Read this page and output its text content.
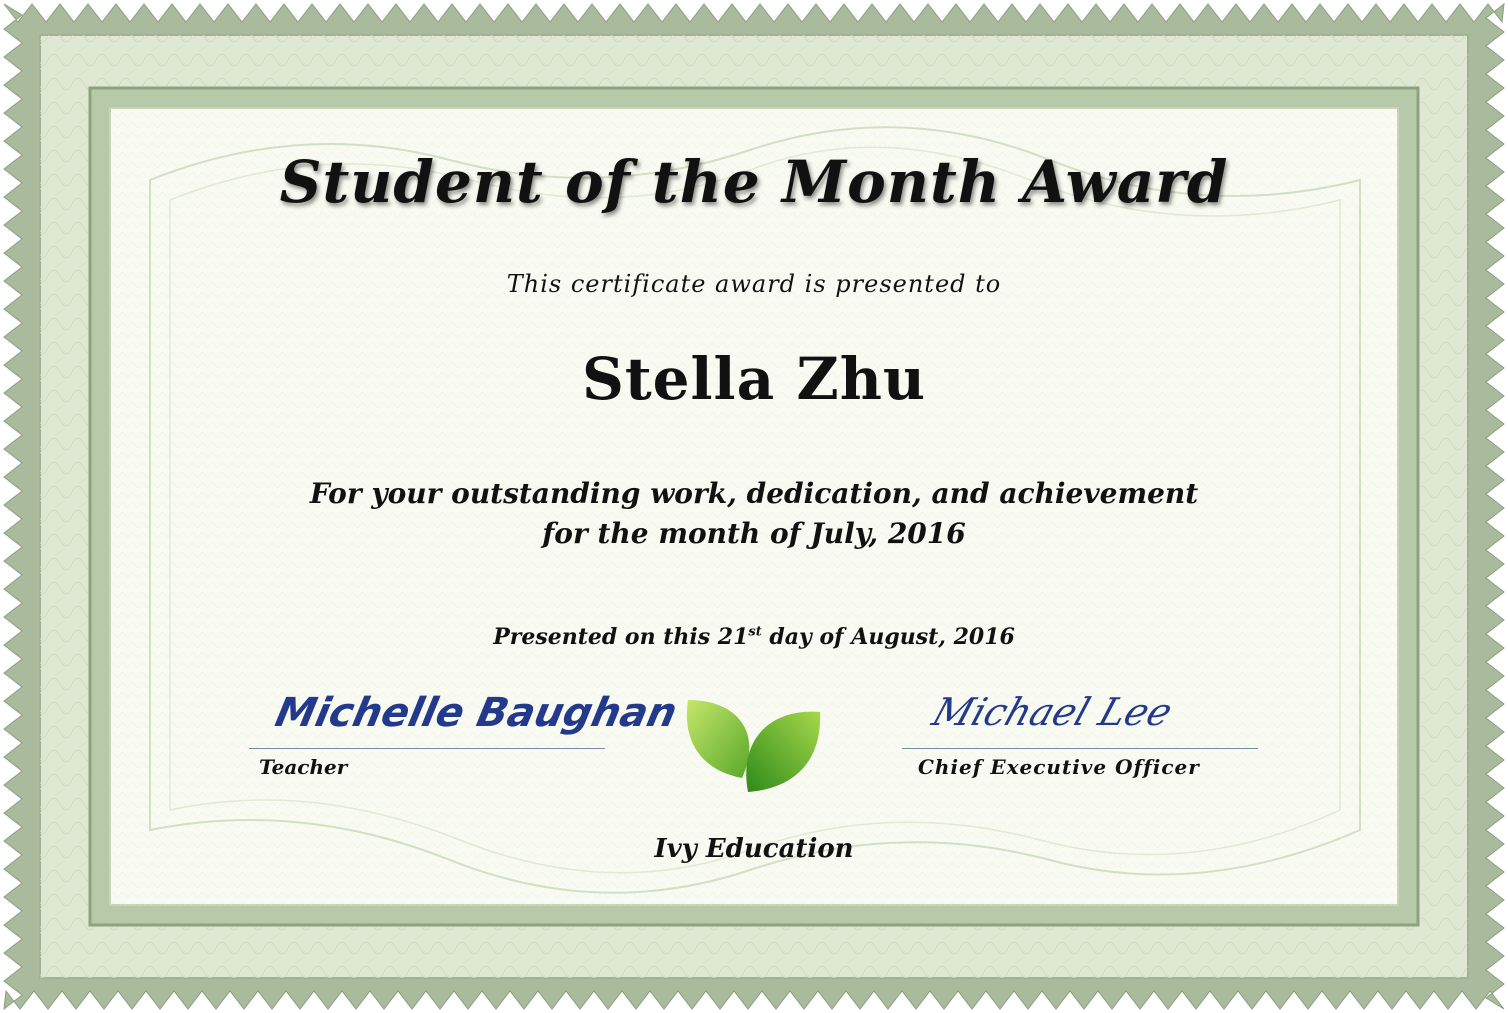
Student of the Month Award
This certificate award is presented to
Stella Zhu
For your outstanding work, dedication, and achievement
for the month of July, 2016
Presented on this 21st day of August, 2016
Michelle Baughan
Teacher
Michael Lee
Chief Executive Officer
Ivy Education
